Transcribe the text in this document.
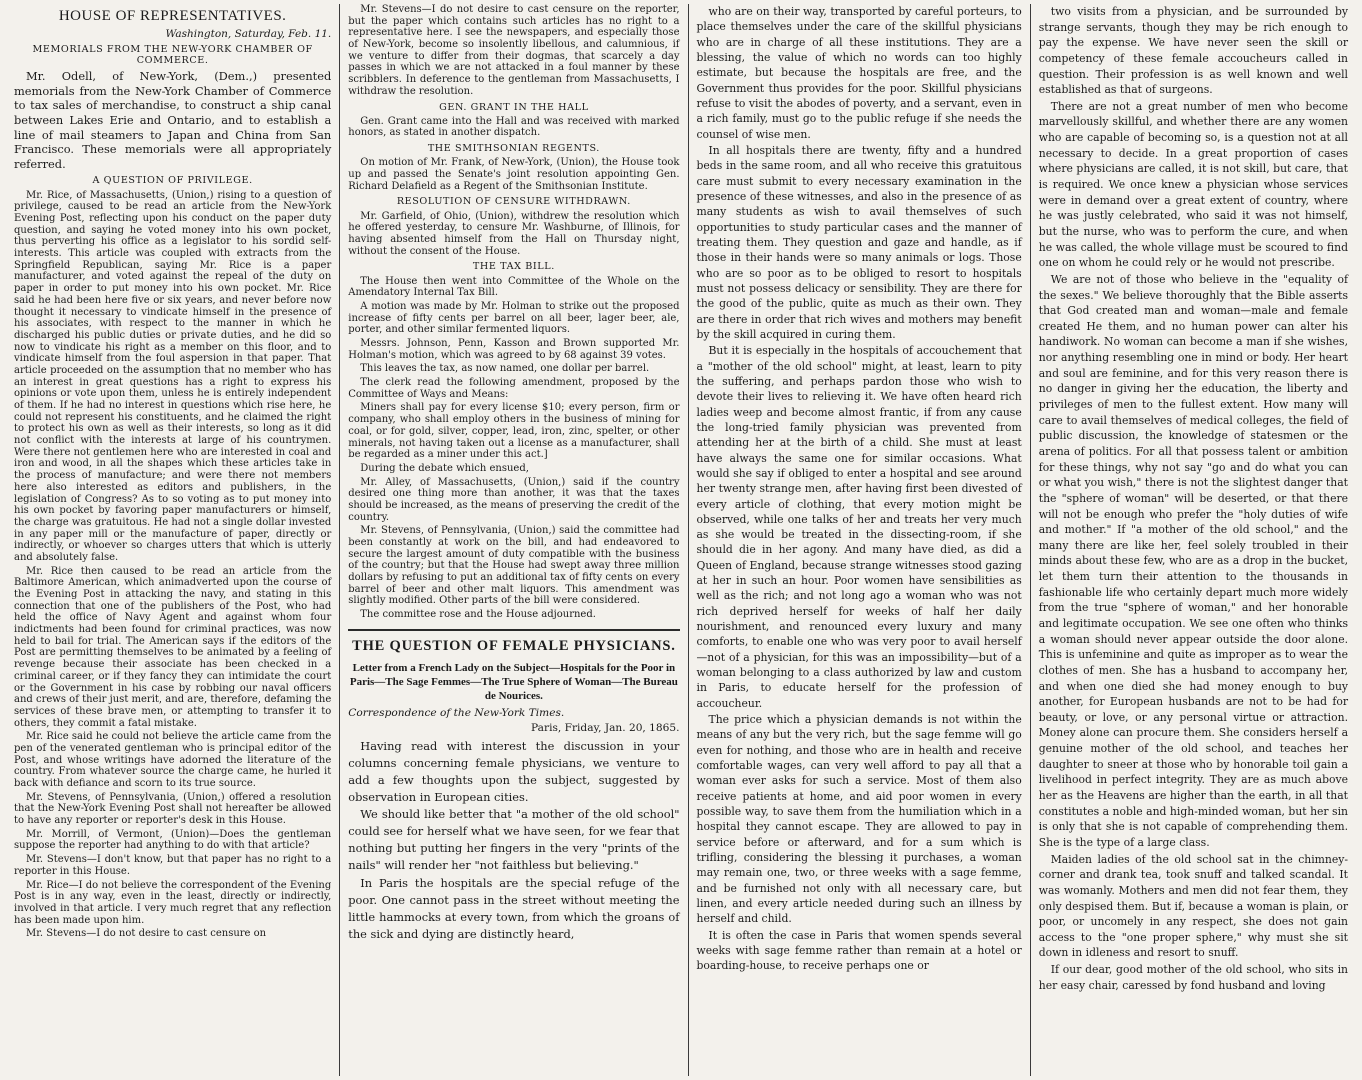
HOUSE OF REPRESENTATIVES.
Washington, Saturday, Feb. 11.
MEMORIALS FROM THE NEW-YORK CHAMBER OF COMMERCE.

Mr. Odell, of New-York, (Dem.,) presented memorials from the New-York Chamber of Commerce to tax sales of merchandise, to construct a ship canal between Lakes Erie and Ontario, and to establish a line of mail steamers to Japan and China from San Francisco. These memorials were all appropriately referred.

A QUESTION OF PRIVILEGE.

Mr. Rice, of Massachusetts, (Union,) rising to a question of privilege, caused to be read an article from the New-York Evening Post, reflecting upon his conduct on the paper duty question, and saying he voted money into his own pocket, thus perverting his office as a legislator to his sordid self-interests. This article was coupled with extracts from the Springfield Republican, saying Mr. Rice is a paper manufacturer, and voted against the repeal of the duty on paper in order to put money into his own pocket. Mr. Rice said he had been here five or six years, and never before now thought it necessary to vindicate himself in the presence of his associates, with respect to the manner in which he discharged his public duties or private duties, and he did so now to vindicate his right as a member on this floor, and to vindicate himself from the foul aspersion in that paper. That article proceeded on the assumption that no member who has an interest in great questions has a right to express his opinions or vote upon them, unless he is entirely independent of them. If he had no interest in questions which rise here, he could not represent his constituents, and he claimed the right to protect his own as well as their interests, so long as it did not conflict with the interests at large of his countrymen. Were there not gentlemen here who are interested in coal and iron and wood, in all the shapes which these articles take in the process of manufacture; and were there not members here also interested as editors and publishers, in the legislation of Congress? As to so voting as to put money into his own pocket by favoring paper manufacturers or himself, the charge was gratuitous. He had not a single dollar invested in any paper mill or the manufacture of paper, directly or indirectly, or whoever so charges utters that which is utterly and absolutely false.

Mr. Rice then caused to be read an article from the Baltimore American, which animadverted upon the course of the Evening Post in attacking the navy, and stating in this connection that one of the publishers of the Post, who had held the office of Navy Agent and against whom four indictments had been found for criminal practices, was now held to bail for trial. The American says if the editors of the Post are permitting themselves to be animated by a feeling of revenge because their associate has been checked in a criminal career, or if they fancy they can intimidate the court or the Government in his case by robbing our naval officers and crews of their just merit, and are, therefore, defaming the services of these brave men, or attempting to transfer it to others, they commit a fatal mistake.

Mr. Rice said he could not believe the article came from the pen of the venerated gentleman who is principal editor of the Post, and whose writings have adorned the literature of the country. From whatever source the charge came, he hurled it back with defiance and scorn to its true source.

Mr. Stevens, of Pennsylvania, (Union,) offered a resolution that the New-York Evening Post shall not hereafter be allowed to have any reporter or reporter's desk in this House.

Mr. Morrill, of Vermont, (Union)—Does the gentleman suppose the reporter had anything to do with that article?

Mr. Stevens—I don't know, but that paper has no right to a reporter in this House.

Mr. Rice—I do not believe the correspondent of the Evening Post is in any way, even in the least, directly or indirectly, involved in that article. I very much regret that any reflection has been made upon him.

Mr. Stevens—I do not desire to cast censure on

Mr. Stevens—I do not desire to cast censure on the reporter, but the paper which contains such articles has no right to a representative here. I see the newspapers, and especially those of New-York, become so insolently libellous, and calumnious, if we venture to differ from their dogmas, that scarcely a day passes in which we are not attacked in a foul manner by these scribblers. In deference to the gentleman from Massachusetts, I withdraw the resolution.

GEN. GRANT IN THE HALL

Gen. Grant came into the Hall and was received with marked honors, as stated in another dispatch.

THE SMITHSONIAN REGENTS.

On motion of Mr. Frank, of New-York, (Union), the House took up and passed the Senate's joint resolution appointing Gen. Richard Delafield as a Regent of the Smithsonian Institute.

RESOLUTION OF CENSURE WITHDRAWN.

Mr. Garfield, of Ohio, (Union), withdrew the resolution which he offered yesterday, to censure Mr. Washburne, of Illinois, for having absented himself from the Hall on Thursday night, without the consent of the House.

THE TAX BILL.

The House then went into Committee of the Whole on the Amendatory Internal Tax Bill.

A motion was made by Mr. Holman to strike out the proposed increase of fifty cents per barrel on all beer, lager beer, ale, porter, and other similar fermented liquors.

Messrs. Johnson, Penn, Kasson and Brown supported Mr. Holman's motion, which was agreed to by 68 against 39 votes.

This leaves the tax, as now named, one dollar per barrel.

The clerk read the following amendment, proposed by the Committee of Ways and Means:

Miners shall pay for every license $10; every person, firm or company, who shall employ others in the business of mining for coal, or for gold, silver, copper, lead, iron, zinc, spelter, or other minerals, not having taken out a license as a manufacturer, shall be regarded as a miner under this act.]

During the debate which ensued,

Mr. Alley, of Massachusetts, (Union,) said if the country desired one thing more than another, it was that the taxes should be increased, as the means of preserving the credit of the country.

Mr. Stevens, of Pennsylvania, (Union,) said the committee had been constantly at work on the bill, and had endeavored to secure the largest amount of duty compatible with the business of the country; but that the House had swept away three million dollars by refusing to put an additional tax of fifty cents on every barrel of beer and other malt liquors. This amendment was slightly modified. Other parts of the bill were considered.

The committee rose and the House adjourned.

THE QUESTION OF FEMALE PHYSICIANS.
Letter from a French Lady on the Subject—Hospitals for the Poor in Paris—The Sage Femmes—The True Sphere of Woman—The Bureau de Nourices.
Correspondence of the New-York Times.
Paris, Friday, Jan. 20, 1865.

Having read with interest the discussion in your columns concerning female physicians, we venture to add a few thoughts upon the subject, suggested by observation in European cities.

We should like better that "a mother of the old school" could see for herself what we have seen, for we fear that nothing but putting her fingers in the very "prints of the nails" will render her "not faithless but believing."

In Paris the hospitals are the special refuge of the poor. One cannot pass in the street without meeting the little hammocks at every town, from which the groans of the sick and dying are distinctly heard,

who are on their way, transported by careful porteurs, to place themselves under the care of the skillful physicians who are in charge of all these institutions. They are a blessing, the value of which no words can too highly estimate, but because the hospitals are free, and the Government thus provides for the poor. Skillful physicians refuse to visit the abodes of poverty, and a servant, even in a rich family, must go to the public refuge if she needs the counsel of wise men.

In all hospitals there are twenty, fifty and a hundred beds in the same room, and all who receive this gratuitous care must submit to every necessary examination in the presence of these witnesses, and also in the presence of as many students as wish to avail themselves of such opportunities to study particular cases and the manner of treating them. They question and gaze and handle, as if those in their hands were so many animals or logs. Those who are so poor as to be obliged to resort to hospitals must not possess delicacy or sensibility. They are there for the good of the public, quite as much as their own. They are there in order that rich wives and mothers may benefit by the skill acquired in curing them.

But it is especially in the hospitals of accouchement that a "mother of the old school" might, at least, learn to pity the suffering, and perhaps pardon those who wish to devote their lives to relieving it. We have often heard rich ladies weep and become almost frantic, if from any cause the long-tried family physician was prevented from attending her at the birth of a child. She must at least have always the same one for similar occasions. What would she say if obliged to enter a hospital and see around her twenty strange men, after having first been divested of every article of clothing, that every motion might be observed, while one talks of her and treats her very much as she would be treated in the dissecting-room, if she should die in her agony. And many have died, as did a Queen of England, because strange witnesses stood gazing at her in such an hour. Poor women have sensibilities as well as the rich; and not long ago a woman who was not rich deprived herself for weeks of half her daily nourishment, and renounced every luxury and many comforts, to enable one who was very poor to avail herself—not of a physician, for this was an impossibility—but of a woman belonging to a class authorized by law and custom in Paris, to educate herself for the profession of accoucheur.

The price which a physician demands is not within the means of any but the very rich, but the sage femme will go even for nothing, and those who are in health and receive comfortable wages, can very well afford to pay all that a woman ever asks for such a service. Most of them also receive patients at home, and aid poor women in every possible way, to save them from the humiliation which in a hospital they cannot escape. They are allowed to pay in service before or afterward, and for a sum which is trifling, considering the blessing it purchases, a woman may remain one, two, or three weeks with a sage femme, and be furnished not only with all necessary care, but linen, and every article needed during such an illness by herself and child.

It is often the case in Paris that women spends several weeks with sage femme rather than remain at a hotel or boarding-house, to receive perhaps one or

two visits from a physician, and be surrounded by strange servants, though they may be rich enough to pay the expense. We have never seen the skill or competency of these female accoucheurs called in question. Their profession is as well known and well established as that of surgeons.

There are not a great number of men who become marvellously skillful, and whether there are any women who are capable of becoming so, is a question not at all necessary to decide. In a great proportion of cases where physicians are called, it is not skill, but care, that is required. We once knew a physician whose services were in demand over a great extent of country, where he was justly celebrated, who said it was not himself, but the nurse, who was to perform the cure, and when he was called, the whole village must be scoured to find one on whom he could rely or he would not prescribe.

We are not of those who believe in the "equality of the sexes." We believe thoroughly that the Bible asserts that God created man and woman—male and female created He them, and no human power can alter his handiwork. No woman can become a man if she wishes, nor anything resembling one in mind or body. Her heart and soul are feminine, and for this very reason there is no danger in giving her the education, the liberty and privileges of men to the fullest extent. How many will care to avail themselves of medical colleges, the field of public discussion, the knowledge of statesmen or the arena of politics. For all that possess talent or ambition for these things, why not say "go and do what you can or what you wish," there is not the slightest danger that the "sphere of woman" will be deserted, or that there will not be enough who prefer the "holy duties of wife and mother." If "a mother of the old school," and the many there are like her, feel solely troubled in their minds about these few, who are as a drop in the bucket, let them turn their attention to the thousands in fashionable life who certainly depart much more widely from the true "sphere of woman," and her honorable and legitimate occupation. We see one often who thinks a woman should never appear outside the door alone. This is unfeminine and quite as improper as to wear the clothes of men. She has a husband to accompany her, and when one died she had money enough to buy another, for European husbands are not to be had for beauty, or love, or any personal virtue or attraction. Money alone can procure them. She considers herself a genuine mother of the old school, and teaches her daughter to sneer at those who by honorable toil gain a livelihood in perfect integrity. They are as much above her as the Heavens are higher than the earth, in all that constitutes a noble and high-minded woman, but her sin is only that she is not capable of comprehending them. She is the type of a large class.

Maiden ladies of the old school sat in the chimney-corner and drank tea, took snuff and talked scandal. It was womanly. Mothers and men did not fear them, they only despised them. But if, because a woman is plain, or poor, or uncomely in any respect, she does not gain access to the "one proper sphere," why must she sit down in idleness and resort to snuff.

If our dear, good mother of the old school, who sits in her easy chair, caressed by fond husband and loving
